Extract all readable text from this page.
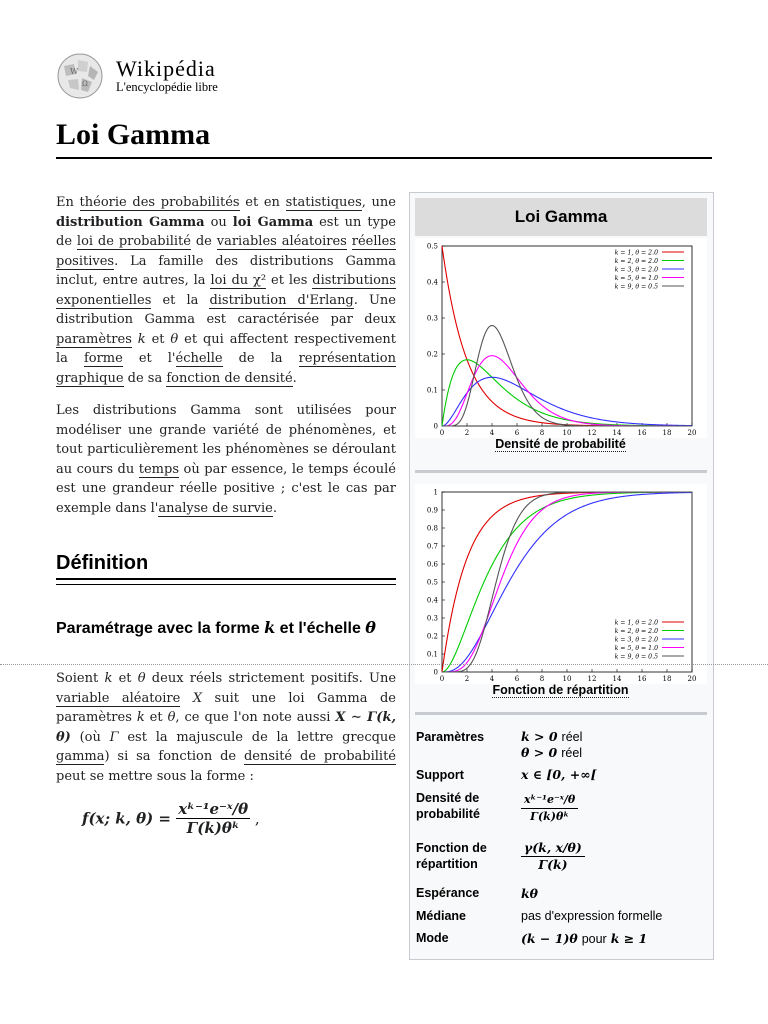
W
Ω
Wikipédia
L'encyclopédie libre
Loi Gamma

En théorie des probabilités et en statistiques, une distribution Gamma ou loi Gamma est un type de loi de probabilité de variables aléatoires réelles positives. La famille des distributions Gamma inclut, entre autres, la loi du χ² et les distributions exponentielles et la distribution d'Erlang. Une distribution Gamma est caractérisée par deux paramètres k et θ et qui affectent respectivement la forme et l'échelle de la représentation graphique de sa fonction de densité.

Les distributions Gamma sont utilisées pour modéliser une grande variété de phénomènes, et tout particulièrement les phénomènes se déroulant au cours du temps où par essence, le temps écoulé est une grandeur réelle positive ; c'est le cas par exemple dans l'analyse de survie.

Définition
Paramétrage avec la forme k et l'échelle θ

Soient k et θ deux réels strictement positifs. Une variable aléatoire X suit une loi Gamma de paramètres k et θ, ce que l'on note aussi X ∼ Γ(k, θ) (où Γ est la majuscule de la lettre grecque gamma) si sa fonction de densité de probabilité peut se mettre sous la forme :

f(x; k, $\theta) = \frac{\text{xᵏ⁻¹e⁻ˣ/θ}}{\text{Γ(k)θᵏ}}$ ,
Loi Gamma
0	2	4	6	8	10 12 14 16 18 20
0
0.1
0.2
0.3
0.4
0.5
k = 1, θ = 2.0
k = 2, θ = 2.0
k = 3, θ = 2.0
k = 5, θ = 1.0
k = 9, θ = 0.5
Densité de probabilité
0	2	4	6	8	10 12 14 16 18 20
0
0.1
0.2
0.3
0.4
0.5
0.6
0.7
0.8
0.9
1
k = 1, θ = 2.0
k = 2, θ = 2.0
k = 3, θ = 2.0
k = 5, θ = 1.0
k = 9, θ = 0.5
Fonction de répartition
Paramètres	k > 0 réel
θ > 0 réel
Support	x ∈ [0, +∞[
Densité de probabilité	$\frac{\text{xᵏ⁻¹e⁻ˣ/θ}}{\text{Γ(k)θᵏ}}$
Fonction de répartition	$\frac{\gamma(k, x/\theta)}{\Gamma(k)}$
Espérance	kθ
Médiane	pas d'expression formelle
Mode	(k − 1)θ pour k ≥ 1
